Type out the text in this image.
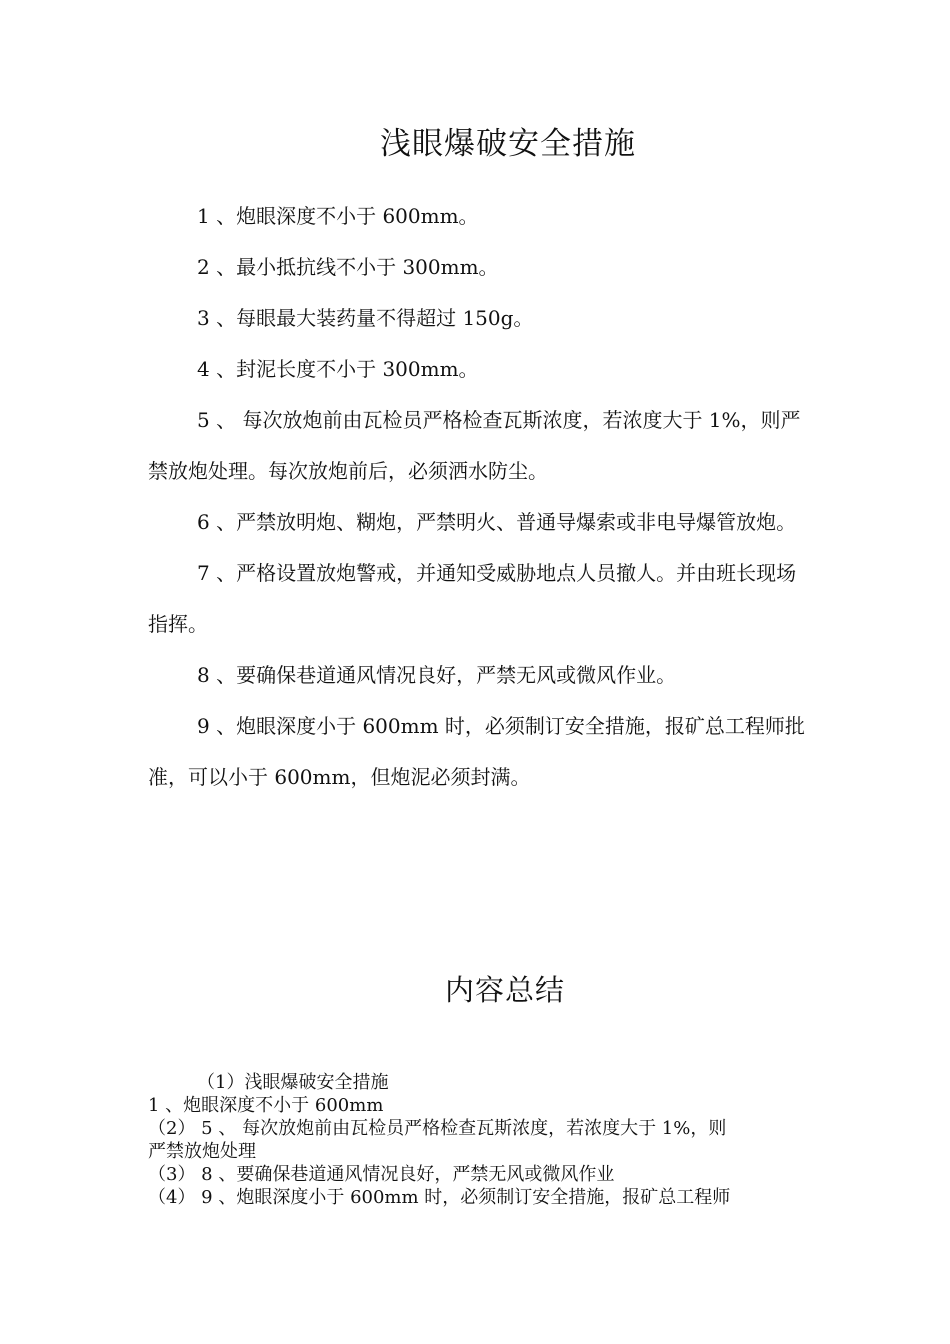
浅眼爆破安全措施

1 、炮眼深度不小于 600mm。

2 、最小抵抗线不小于 300mm。

3 、每眼最大装药量不得超过 150g。

4 、封泥长度不小于 300mm。

5 、 每次放炮前由瓦检员严格检查瓦斯浓度，若浓度大于 1%，则严禁放炮处理。每次放炮前后，必须洒水防尘。

6 、严禁放明炮、糊炮，严禁明火、普通导爆索或非电导爆管放炮。

7 、严格设置放炮警戒，并通知受威胁地点人员撤人。并由班长现场指挥。

8 、要确保巷道通风情况良好，严禁无风或微风作业。

9 、炮眼深度小于 600mm 时，必须制订安全措施，报矿总工程师批准，可以小于 600mm，但炮泥必须封满。

内容总结

（1）浅眼爆破安全措施

1 、炮眼深度不小于 600mm

（2） 5 、 每次放炮前由瓦检员严格检查瓦斯浓度，若浓度大于 1%，则

严禁放炮处理

（3） 8 、要确保巷道通风情况良好，严禁无风或微风作业

（4） 9 、炮眼深度小于 600mm 时，必须制订安全措施，报矿总工程师
